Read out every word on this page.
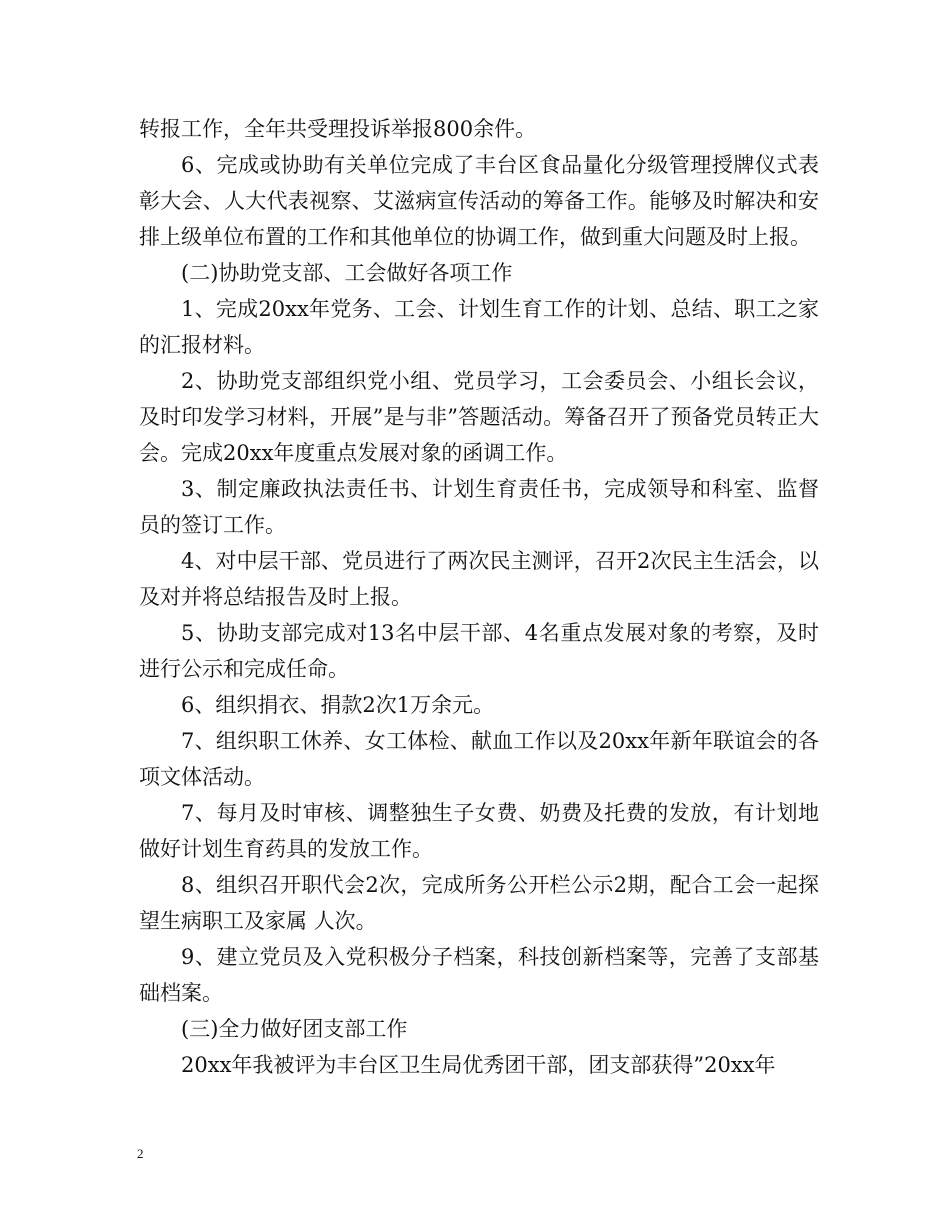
转报工作，全年共受理投诉举报800余件。

6、完成或协助有关单位完成了丰台区食品量化分级管理授牌仪式表彰大会、人大代表视察、艾滋病宣传活动的筹备工作。能够及时解决和安排上级单位布置的工作和其他单位的协调工作，做到重大问题及时上报。

(二)协助党支部、工会做好各项工作

1、完成20xx年党务、工会、计划生育工作的计划、总结、职工之家的汇报材料。

2、协助党支部组织党小组、党员学习，工会委员会、小组长会议，及时印发学习材料，开展”是与非”答题活动。筹备召开了预备党员转正大会。完成20xx年度重点发展对象的函调工作。

3、制定廉政执法责任书、计划生育责任书，完成领导和科室、监督员的签订工作。

4、对中层干部、党员进行了两次民主测评，召开2次民主生活会，以及对并将总结报告及时上报。

5、协助支部完成对13名中层干部、4名重点发展对象的考察，及时进行公示和完成任命。

6、组织捐衣、捐款2次1万余元。

7、组织职工休养、女工体检、献血工作以及20xx年新年联谊会的各项文体活动。

7、每月及时审核、调整独生子女费、奶费及托费的发放，有计划地做好计划生育药具的发放工作。

8、组织召开职代会2次，完成所务公开栏公示2期，配合工会一起探望生病职工及家属 人次。

9、建立党员及入党积极分子档案，科技创新档案等，完善了支部基础档案。

(三)全力做好团支部工作

20xx年我被评为丰台区卫生局优秀团干部，团支部获得”20xx年

2
